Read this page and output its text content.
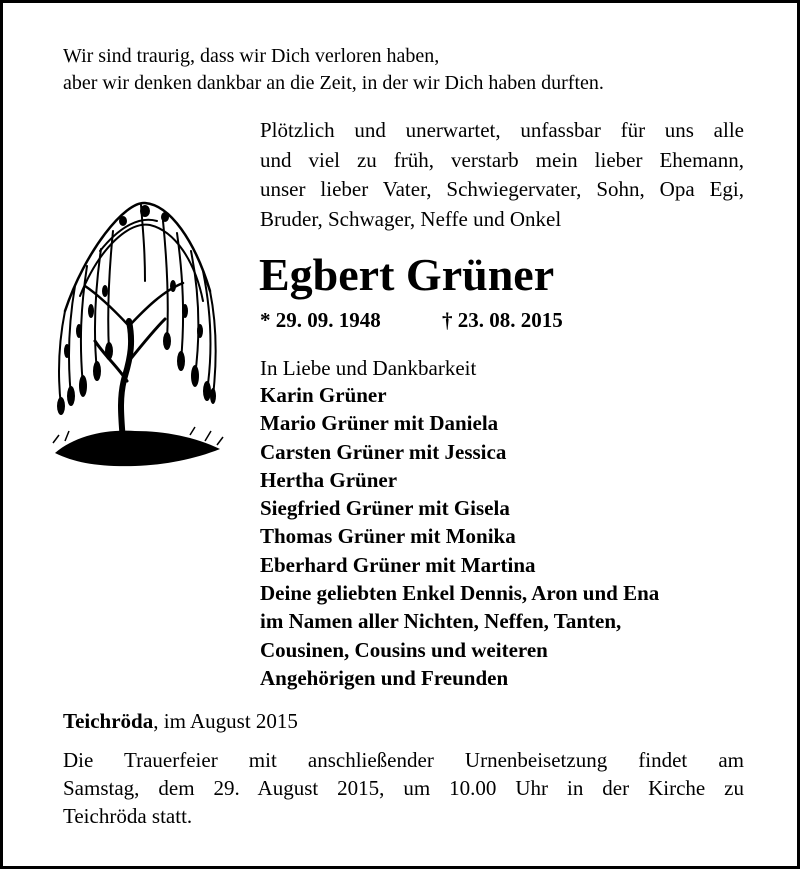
Wir sind traurig, dass wir Dich verloren haben,
aber wir denken dankbar an die Zeit, in der wir Dich haben durften.

Plötzlich und unerwartet, unfassbar für uns alle
und viel zu früh, verstarb mein lieber Ehemann,
unser lieber Vater, Schwiegervater, Sohn, Opa Egi,
Bruder, Schwager, Neffe und Onkel

Egbert Grüner
* 29. 09. 1948	† 23. 08. 2015
In Liebe und Dankbarkeit
Karin Grüner
Mario Grüner mit Daniela
Carsten Grüner mit Jessica
Hertha Grüner
Siegfried Grüner mit Gisela
Thomas Grüner mit Monika
Eberhard Grüner mit Martina
Deine geliebten Enkel Dennis, Aron und Ena
im Namen aller Nichten, Neffen, Tanten,
Cousinen, Cousins und weiteren
Angehörigen und Freunden
Teichröda, im August 2015

Die Trauerfeier mit anschließender Urnenbeisetzung findet am
Samstag, dem 29. August 2015, um 10.00 Uhr in der Kirche zu
Teichröda statt.
